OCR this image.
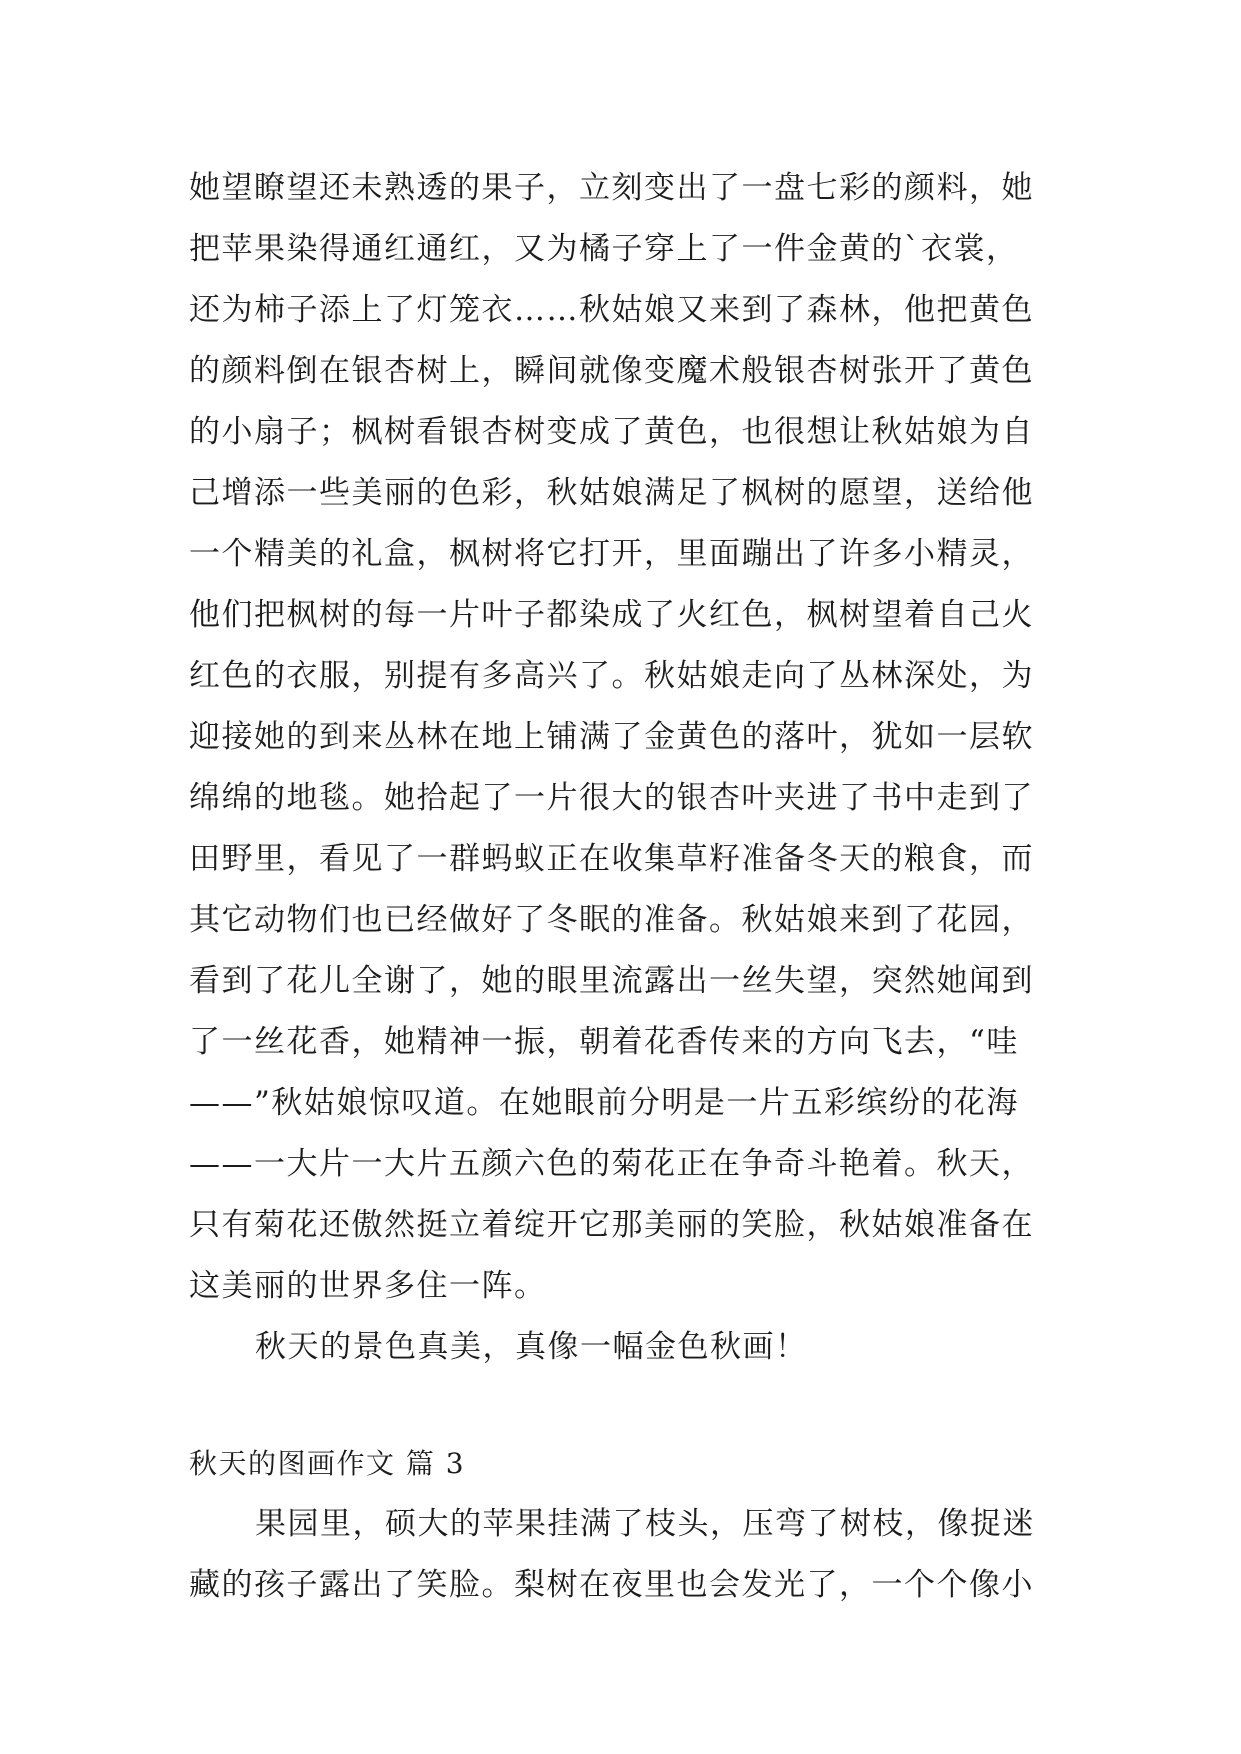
她望瞭望还未熟透的果子，立刻变出了一盘七彩的颜料，她
把苹果染得通红通红，又为橘子穿上了一件金黄的`衣裳，
还为柿子添上了灯笼衣……秋姑娘又来到了森林，他把黄色
的颜料倒在银杏树上，瞬间就像变魔术般银杏树张开了黄色
的小扇子；枫树看银杏树变成了黄色，也很想让秋姑娘为自
己增添一些美丽的色彩，秋姑娘满足了枫树的愿望，送给他
一个精美的礼盒，枫树将它打开，里面蹦出了许多小精灵，
他们把枫树的每一片叶子都染成了火红色，枫树望着自己火
红色的衣服，别提有多高兴了。秋姑娘走向了丛林深处，为
迎接她的到来丛林在地上铺满了金黄色的落叶，犹如一层软
绵绵的地毯。她拾起了一片很大的银杏叶夹进了书中走到了
田野里，看见了一群蚂蚁正在收集草籽准备冬天的粮食，而
其它动物们也已经做好了冬眠的准备。秋姑娘来到了花园，
看到了花儿全谢了，她的眼里流露出一丝失望，突然她闻到
了一丝花香，她精神一振，朝着花香传来的方向飞去，“哇
——”秋姑娘惊叹道。在她眼前分明是一片五彩缤纷的花海
——一大片一大片五颜六色的菊花正在争奇斗艳着。秋天，
只有菊花还傲然挺立着绽开它那美丽的笑脸，秋姑娘准备在
这美丽的世界多住一阵。
秋天的景色真美，真像一幅金色秋画！
秋天的图画作文 篇 3
果园里，硕大的苹果挂满了枝头，压弯了树枝，像捉迷
藏的孩子露出了笑脸。梨树在夜里也会发光了，一个个像小
